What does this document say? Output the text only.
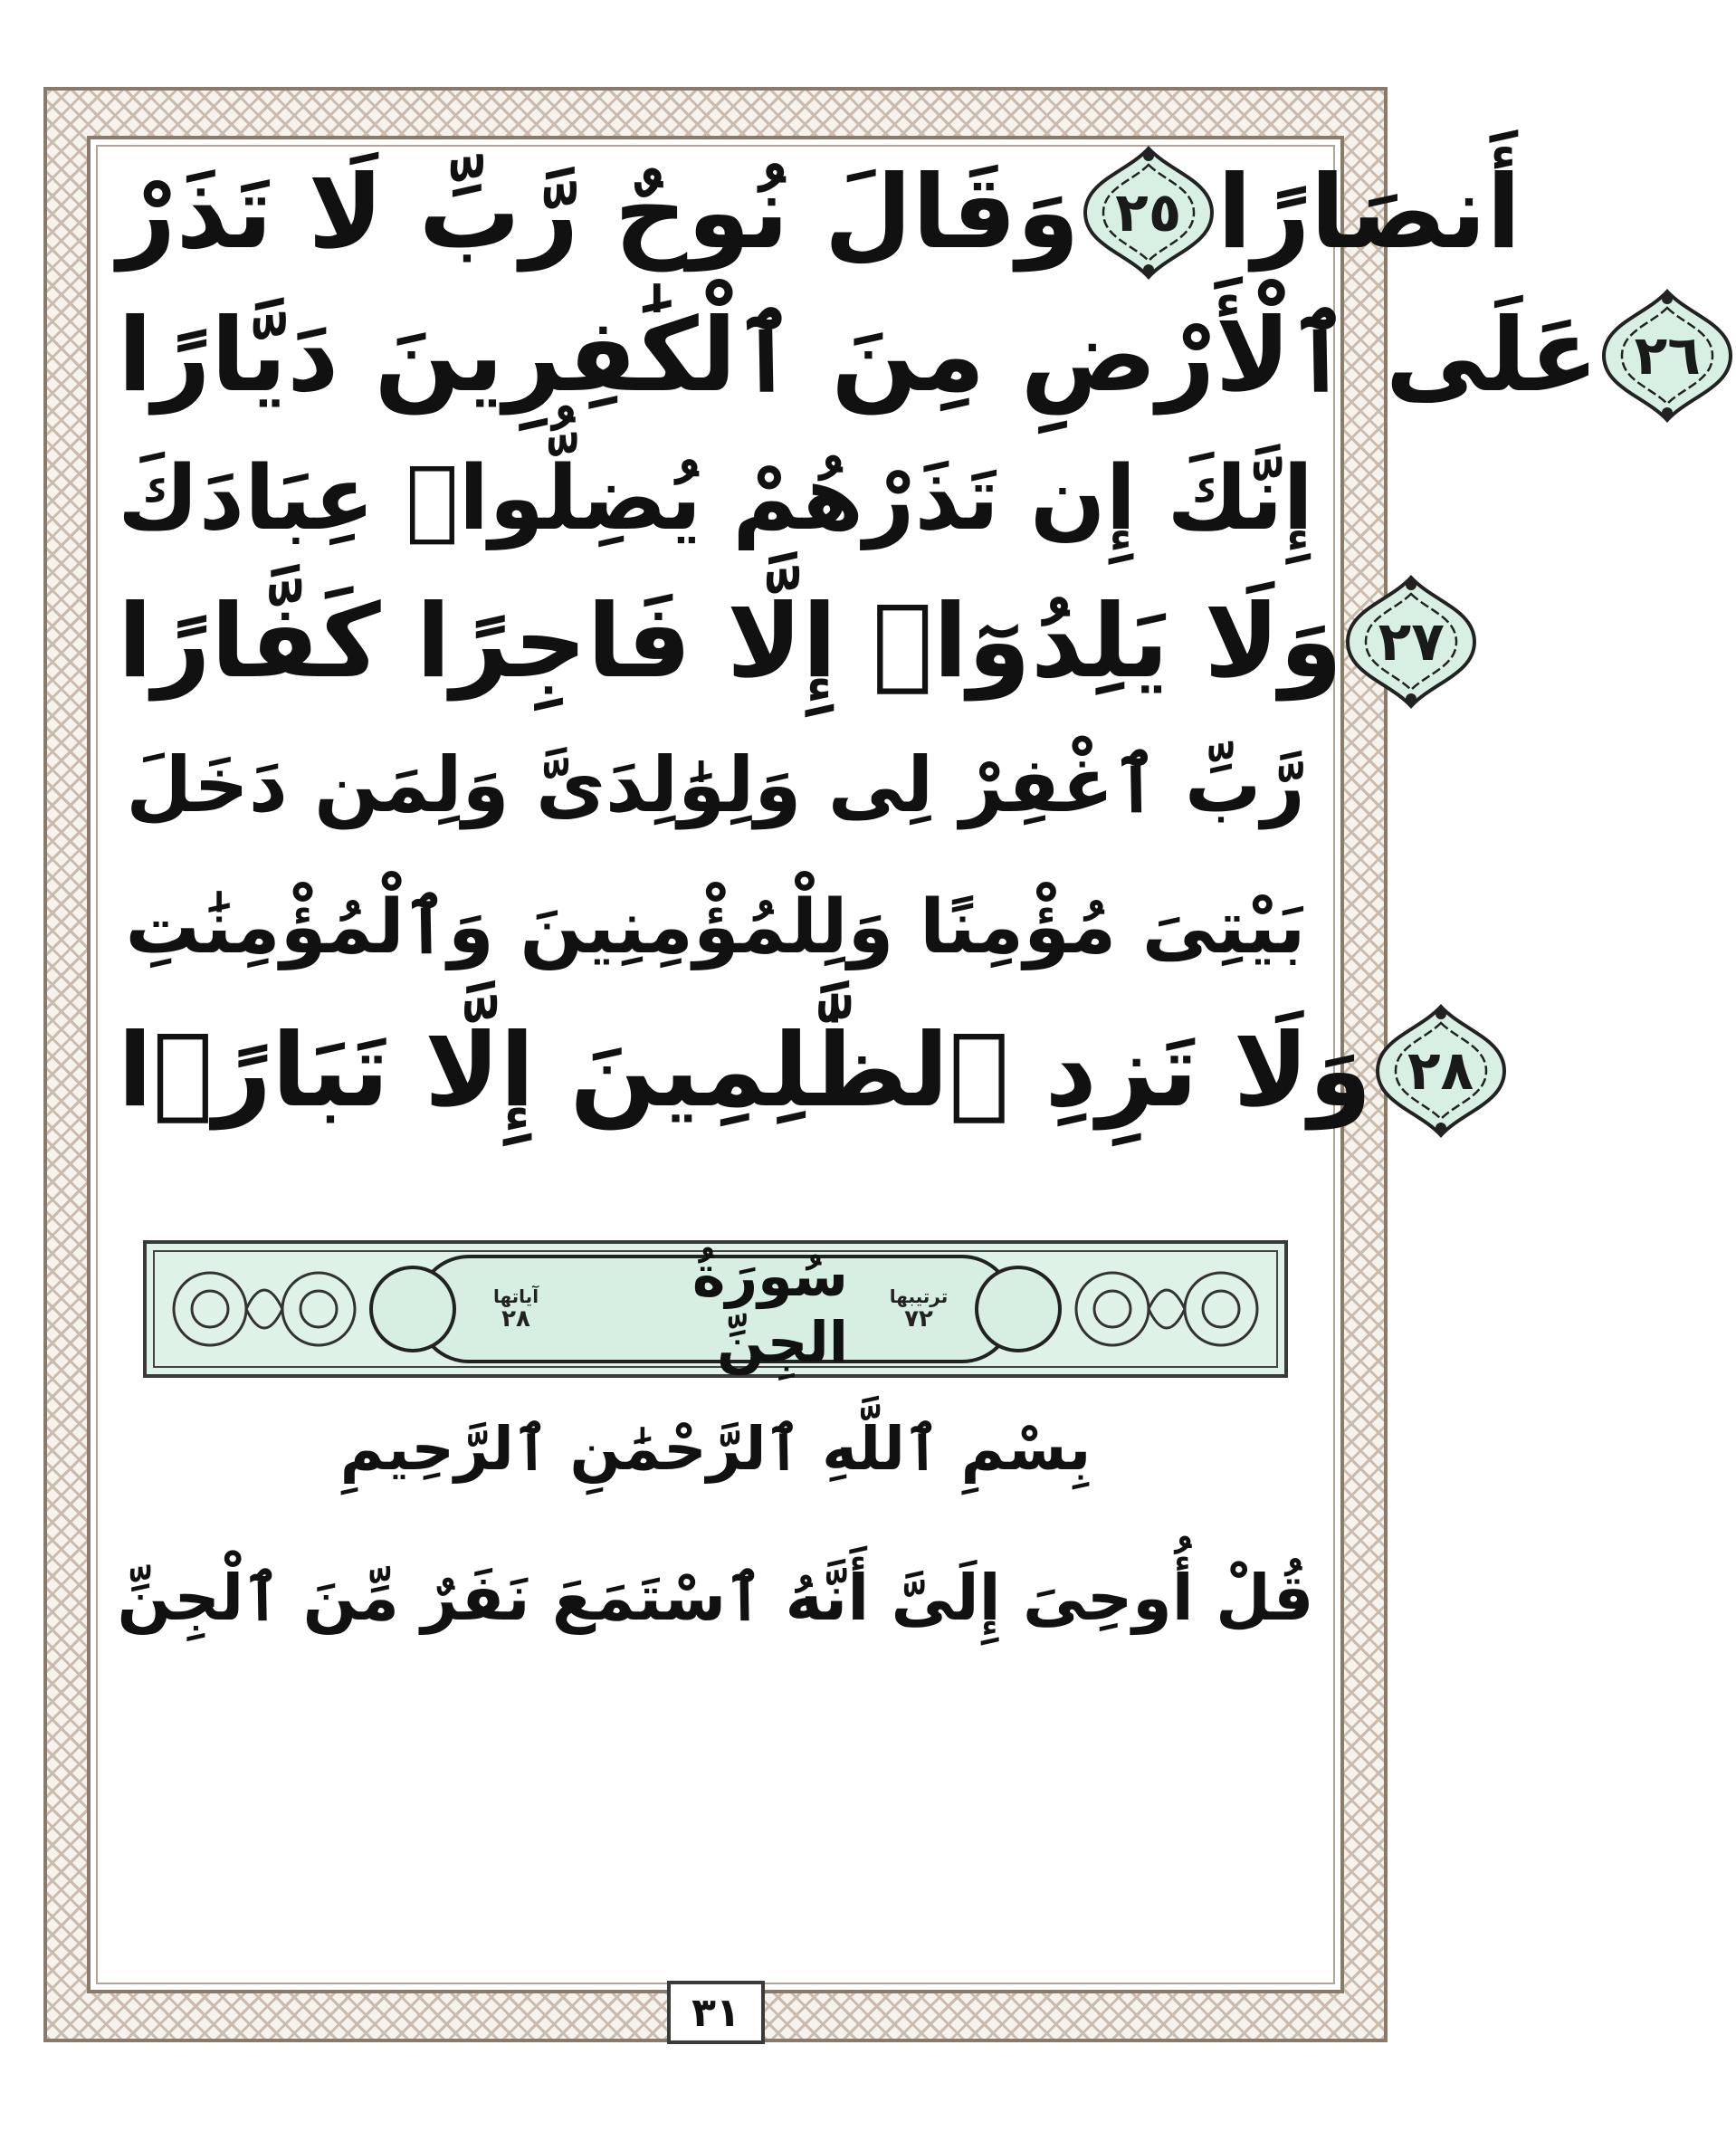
وَقَالَ نُوحٌ رَّبِّ لَا تَذَرْ ٢٥ أَنصَارًا
عَلَى ٱلْأَرْضِ مِنَ ٱلْكَٰفِرِينَ دَيَّارًا ٢٦
إِنَّكَ إِن تَذَرْهُمْ يُضِلُّوا۟ عِبَادَكَ
وَلَا يَلِدُوٓا۟ إِلَّا فَاجِرًا كَفَّارًا ٢٧
رَّبِّ ٱغْفِرْ لِى وَلِوَٰلِدَىَّ وَلِمَن دَخَلَ
بَيْتِىَ مُؤْمِنًا وَلِلْمُؤْمِنِينَ وَٱلْمُؤْمِنَٰتِ
وَلَا تَزِدِ ٱلظَّٰلِمِينَ إِلَّا تَبَارًۢا ٢٨
سُورَةُ الجِنِّ
آياتها
٢٨
ترتيبها
٧٢
بِسْمِ ٱللَّهِ ٱلرَّحْمَٰنِ ٱلرَّحِيمِ
قُلْ أُوحِىَ إِلَىَّ أَنَّهُ ٱسْتَمَعَ نَفَرٌ مِّنَ ٱلْجِنِّ
٣١
